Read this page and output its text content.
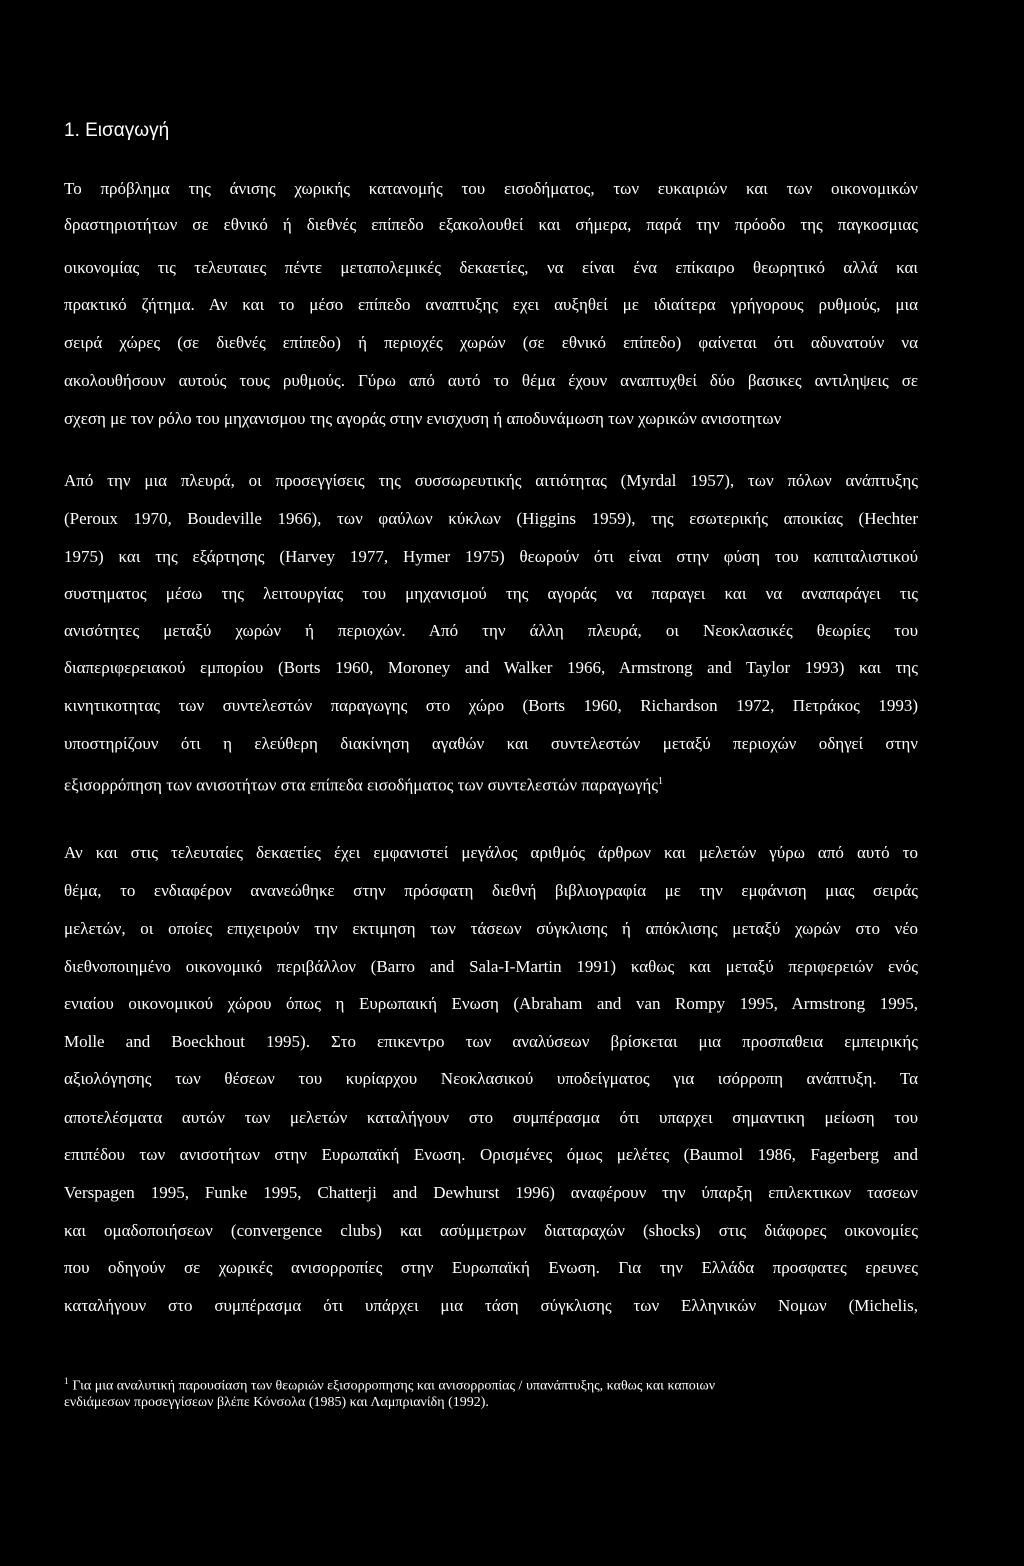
1. Εισαγωγή
Το πρόβλημα της άνισης χωρικής κατανομής του εισοδήματος, των ευκαιριών και των οικονομικών
δραστηριοτήτων σε εθνικό ή διεθνές επίπεδο εξακολουθεί και σήμερα, παρά την πρόοδο της παγκοσμιας
οικονομίας τις τελευταιες πέντε μεταπολεμικές δεκαετίες, να είναι ένα επίκαιρο θεωρητικό αλλά και
πρακτικό ζήτημα. Αν και το μέσο επίπεδο αναπτυξης εχει αυξηθεί με ιδιαίτερα γρήγορους ρυθμούς, μια
σειρά χώρες (σε διεθνές επίπεδο) ή περιοχές χωρών (σε εθνικό επίπεδο) φαίνεται ότι αδυνατούν να
ακολουθήσουν αυτούς τους ρυθμούς. Γύρω από αυτό το θέμα έχουν αναπτυχθεί δύο βασικες αντιληψεις σε
σχεση με τον ρόλο του μηχανισμου της αγοράς στην ενισχυση ή αποδυνάμωση των χωρικών ανισοτητων
Από την μια πλευρά, οι προσεγγίσεις της συσσωρευτικής αιτιότητας (Myrdal 1957), των πόλων ανάπτυξης
(Perouх 1970, Boudeville 1966), των φαύλων κύκλων (Higgins 1959), της εσωτερικής αποικίας (Hechter
1975) και της εξάρτησης (Harvey 1977, Hymer 1975) θεωρούν ότι είναι στην φύση του καπιταλιστικού
συστηματος μέσω της λειτουργίας του μηχανισμού της αγοράς να παραγει και να αναπαράγει τις
ανισότητες μεταξύ χωρών ή περιοχών. Από την άλλη πλευρά, οι Νεοκλασικές θεωρίες του
διαπεριφερειακού εμπορίου (Borts 1960, Moroney and Walker 1966, Armstrong and Taylor 1993) και της
κινητικοτητας των συντελεστών παραγωγης στο χώρο (Borts 1960, Richardson 1972, Πετράκος 1993)
υποστηρίζουν ότι η ελεύθερη διακίνηση αγαθών και συντελεστών μεταξύ περιοχών οδηγεί στην
εξισορρόπηση των ανισοτήτων στα επίπεδα εισοδήματος των συντελεστών παραγωγής$^1$
Αν και στις τελευταίες δεκαετίες έχει εμφανιστεί μεγάλος αριθμός άρθρων και μελετών γύρω από αυτό το
θέμα, το ενδιαφέρον ανανεώθηκε στην πρόσφατη διεθνή βιβλιογραφία με την εμφάνιση μιας σειράς
μελετών, οι οποίες επιχειρούν την εκτιμηση των τάσεων σύγκλισης ή απόκλισης μεταξύ χωρών στο νέο
διεθνοποιημένο οικονομικό περιβάλλον (Barro and Sala-I-Martin 1991) καθως και μεταξύ περιφερειών ενός
ενιαίου οικονομικού χώρου όπως η Ευρωπαική Ενωση (Abraham and van Rompy 1995, Armstrong 1995,
Molle and Boeckhout 1995). Στο επικεντρο των αναλύσεων βρίσκεται μια προσπαθεια εμπειρικής
αξιολόγησης των θέσεων του κυρίαρχου Νεοκλασικού υποδείγματος για ισόρροπη ανάπτυξη. Τα
αποτελέσματα αυτών των μελετών καταλήγουν στο συμπέρασμα ότι υπαρχει σημαντικη μείωση του
επιπέδου των ανισοτήτων στην Ευρωπαϊκή Ενωση. Ορισμένες όμως μελέτες (Baumol 1986, Fagerberg and
Verspagen 1995, Funke 1995, Chatterji and Dewhurst 1996) αναφέρουν την ύπαρξη επιλεκτικων τασεων
και ομαδοποιήσεων (convergence clubs) και ασύμμετρων διαταραχών (shocks) στις διάφορες οικονομίες
που οδηγούν σε χωρικές ανισορροπίες στην Ευρωπαϊκή Ενωση. Για την Ελλάδα προσφατες ερευνες
καταλήγουν στο συμπέρασμα ότι υπάρχει μια τάση σύγκλισης των Ελληνικών Νομων (Michelis,
$^1$ Για μια αναλυτική παρουσίαση των θεωριών εξισορροπησης και ανισορροπίας / υπανάπτυξης, καθως και καποιων
ενδιάμεσων προσεγγίσεων βλέπε Κόνσολα (1985) και Λαμπριανίδη (1992).
